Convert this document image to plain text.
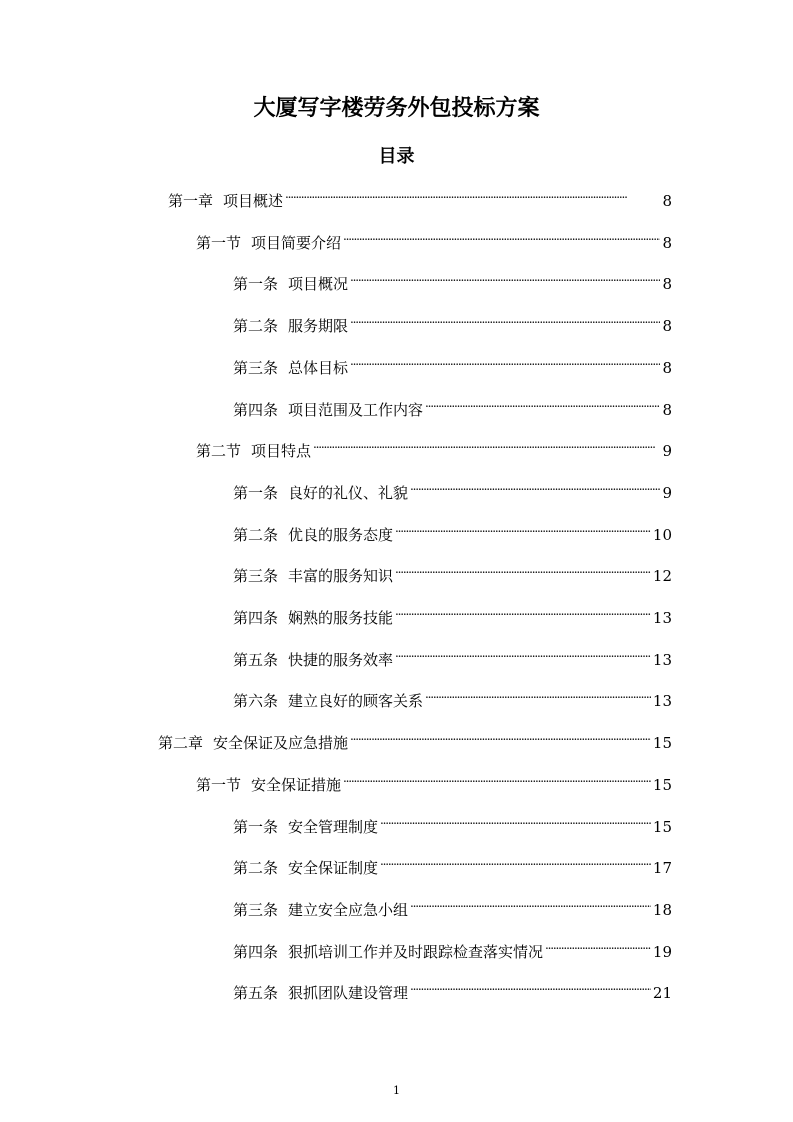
大厦写字楼劳务外包投标方案
目录
第一章 项目概述 . . .	8
第一节 项目简要介绍 . . .	8
第一条 项目概况 . . .	8
第二条 服务期限 . . .	8
第三条 总体目标 . . .	8
第四条 项目范围及工作内容 . . .	8
第二节 项目特点 . . .	9
第一条 良好的礼仪、礼貌 . . .	9
第二条 优良的服务态度 . . .	10
第三条 丰富的服务知识 . . .	12
第四条 娴熟的服务技能 . . .	13
第五条 快捷的服务效率 . . .	13
第六条 建立良好的顾客关系 . . .	13
第二章 安全保证及应急措施 . . .	15
第一节 安全保证措施 . . .	15
第一条 安全管理制度 . . .	15
第二条 安全保证制度 . . .	17
第三条 建立安全应急小组 . . .	18
第四条 狠抓培训工作并及时跟踪检查落实情况 . . .	19
第五条 狠抓团队建设管理 . . .	21
1
